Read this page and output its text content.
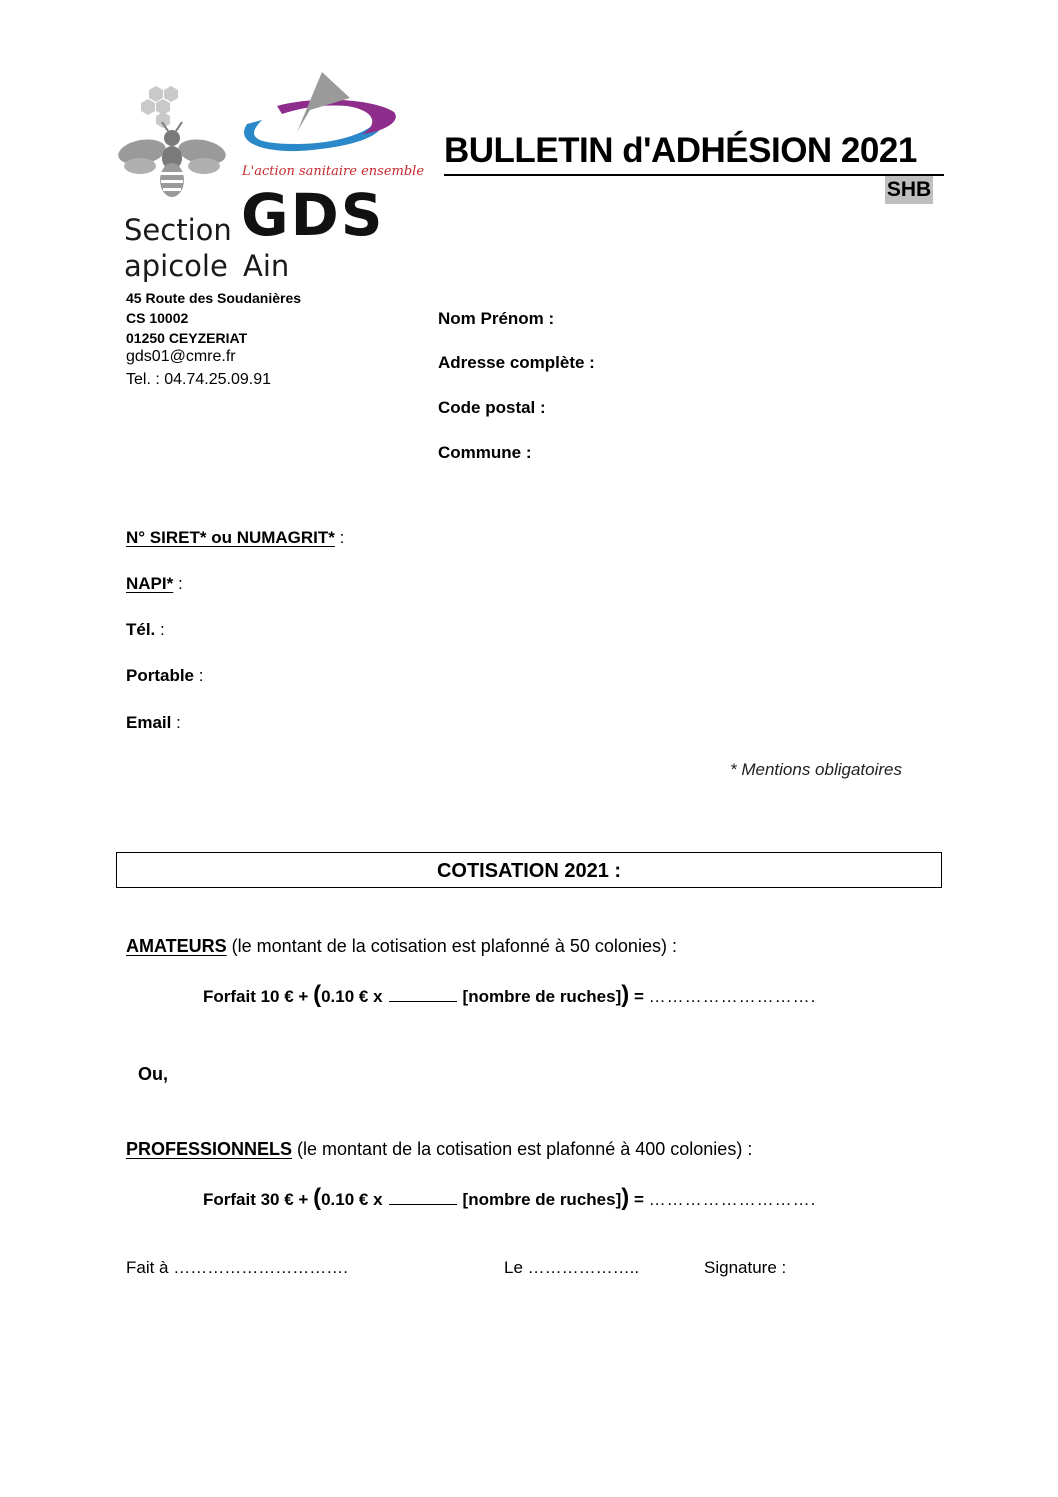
L'action sanitaire ensemble
GDS
Section
apicole Ain
45 Route des Soudanières
CS 10002
01250 CEYZERIAT
gds01@cmre.fr
Tel. : 04.74.25.09.91
BULLETIN d'ADHÉSION 2021
SHB
Nom Prénom :
Adresse complète :
Code postal :
Commune :
N° SIRET* ou NUMAGRIT* :
NAPI* :
Tél. :
Portable :
Email :
* Mentions obligatoires
COTISATION 2021 :
AMATEURS (le montant de la cotisation est plafonné à 50 colonies) :
Forfait 10 € + (0.10 € x	[nombre de ruches]) = ……………………….
Ou,
PROFESSIONNELS (le montant de la cotisation est plafonné à 400 colonies) :
Forfait 30 € + (0.10 € x	[nombre de ruches]) = ……………………….
Fait à ………………………….	Le ………………..	Signature :
